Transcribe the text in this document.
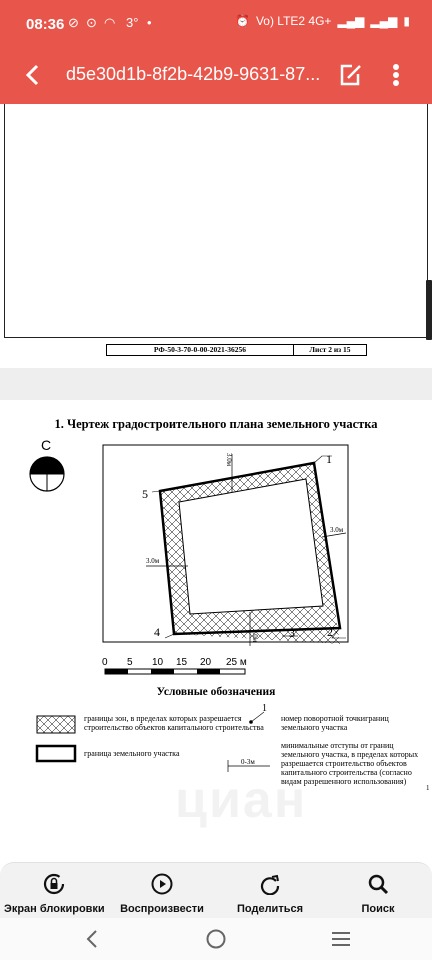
08:36 ⊘ ⊙ ◠ 3° •	⏰ Vo) LTE2 4G+ ▂▄▆ ▂▄▆ ▮
d5e30d1b-8f2b-42b9-9631-87...
РФ-50-3-70-0-00-2021-36256	Лист 2 из 15
1. Чертеж градостроительного плана земельного участка
С
3.0м
3.0м
3.0м
3.0м
1
2
3
4
5
0 5 10 15 20 25 м
1
0-3м
1
Условные обозначения
границы зон, в пределах которых разрешается строительство объектов капитального строительства
граница земельного участка
номер поворотной точкиграниц земельного участка
минимальные отступы от границ земельного участка, в пределах которых разрешается строительство объектов капитального строительства (согласно видам разрешенного использования)
циан
Экран блокировки	Воспроизвести	Поделиться	Поиск
